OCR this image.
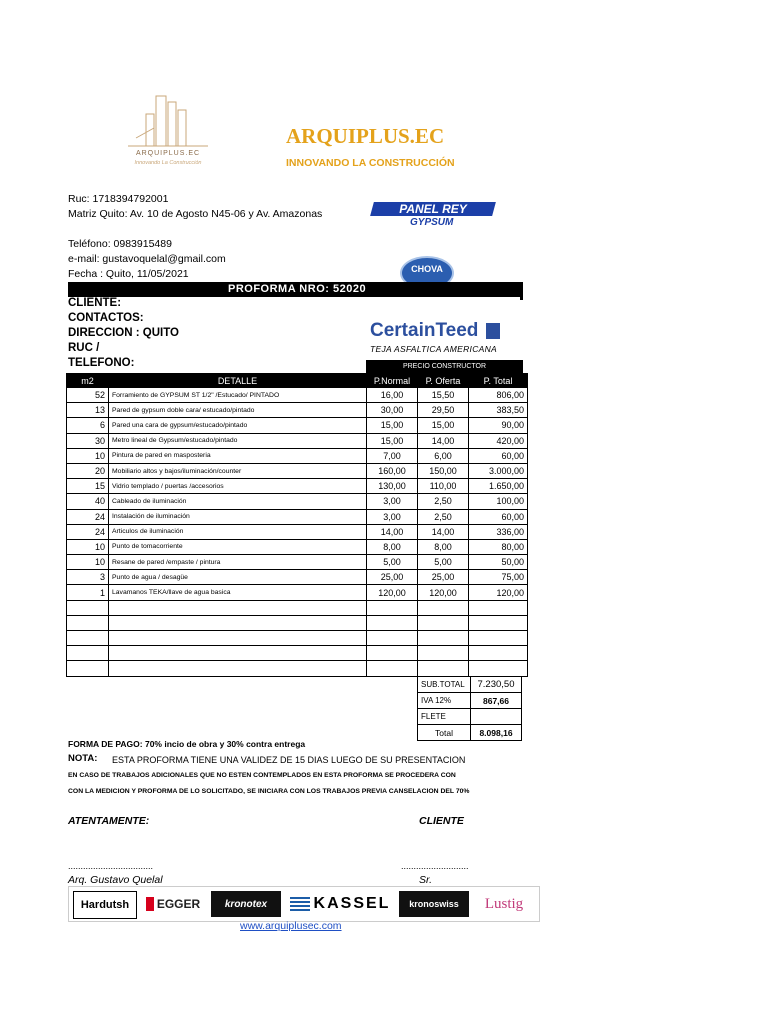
ARQUIPLUS.EC
Innovando La Construcción
ARQUIPLUS.EC
INNOVANDO LA CONSTRUCCIÓN
Ruc: 1718394792001
Matriz Quito: Av. 10 de Agosto N45-06 y Av. Amazonas
Teléfono: 0983915489
e-mail: gustavoquelal@gmail.com
Fecha : Quito, 11/05/2021
PANEL REY
GYPSUM
CHOVA
PROFORMA NRO: 52020
CLIENTE:
CONTACTOS:
DIRECCION : QUITO
RUC /
TELEFONO:
CertainTeed
TEJA ASFALTICA AMERICANA
PRECIO CONSTRUCTOR
m2	DETALLE	P.Normal	P. Oferta	P. Total
52	Forramiento de GYPSUM ST 1/2" /Estucado/ PINTADO	16,00	15,50	806,00
13	Pared de gypsum doble cara/ estucado/pintado	30,00	29,50	383,50
6	Pared una cara de gypsum/estucado/pintado	15,00	15,00	90,00
30	Metro lineal de Gypsum/estucado/pintado	15,00	14,00	420,00
10	Pintura de pared en masposteria	7,00	6,00	60,00
20	Mobiliario altos y bajos/iluminación/counter	160,00	150,00	3.000,00
15	Vidrio templado / puertas /accesorios	130,00	110,00	1.650,00
40	Cableado de iluminación	3,00	2,50	100,00
24	Instalación de iluminación	3,00	2,50	60,00
24	Articulos de iluminación	14,00	14,00	336,00
10	Punto de tomacorriente	8,00	8,00	80,00
10	Resane de pared /empaste / pintura	5,00	5,00	50,00
3	Punto de agua / desagüe	25,00	25,00	75,00
1	Lavamanos TEKA/llave de agua basica	120,00	120,00	120,00

SUB.TOTAL	7.230,50
IVA 12%	867,66
FLETE	
Total	8.098,16
FORMA DE PAGO: 70% incio de obra y 30% contra entrega
NOTA: ESTA PROFORMA TIENE UNA VALIDEZ DE 15 DIAS LUEGO DE SU PRESENTACION
EN CASO DE TRABAJOS ADICIONALES QUE NO ESTEN CONTEMPLADOS EN ESTA PROFORMA SE PROCEDERA CON
CON LA MEDICION Y PROFORMA DE LO SOLICITADO, SE INICIARA CON LOS TRABAJOS PREVIA CANSELACION DEL 70%
ATENTAMENTE:	CLIENTE
..................................	...........................
Arq. Gustavo Quelal	Sr.
Hardutsh	EGGER	kronotex	KASSEL	kronoswiss	Lustig
www.arquiplusec.com
